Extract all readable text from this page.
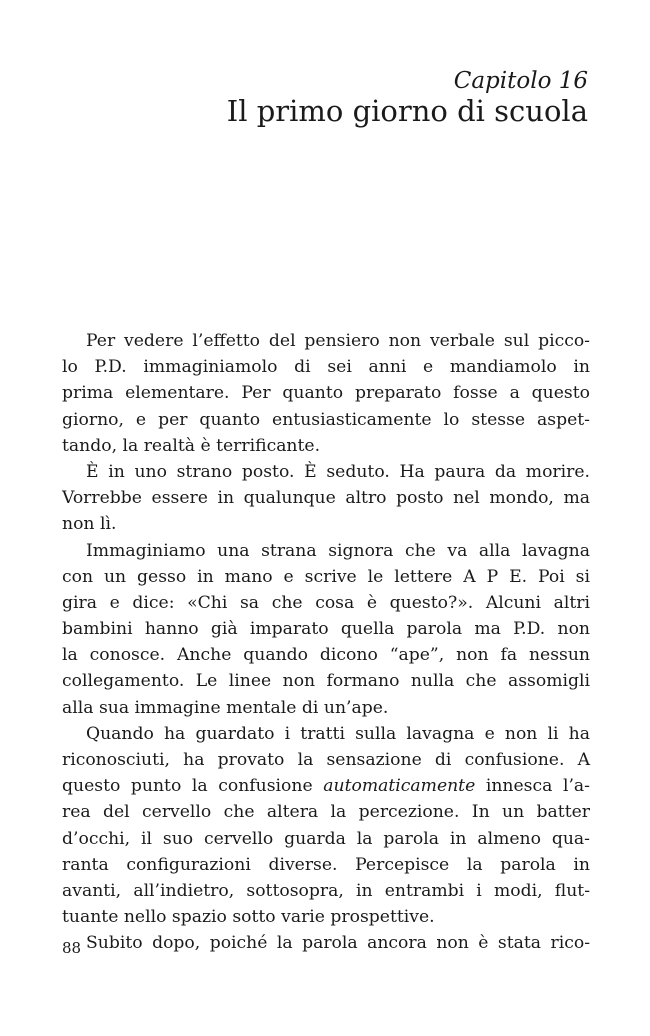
Capitolo 16
Il primo giorno di scuola
Per vedere l’effetto del pensiero non verbale sul picco-
lo P.D. immaginiamolo di sei anni e mandiamolo in
prima elementare. Per quanto preparato fosse a questo
giorno, e per quanto entusiasticamente lo stesse aspet-
tando, la realtà è terrificante.
È in uno strano posto. È seduto. Ha paura da morire.
Vorrebbe essere in qualunque altro posto nel mondo, ma
non lì.
Immaginiamo una strana signora che va alla lavagna
con un gesso in mano e scrive le lettere A P E. Poi si
gira e dice: «Chi sa che cosa è questo?». Alcuni altri
bambini hanno già imparato quella parola ma P.D. non
la conosce. Anche quando dicono “ape”, non fa nessun
collegamento. Le linee non formano nulla che assomigli
alla sua immagine mentale di un’ape.
Quando ha guardato i tratti sulla lavagna e non li ha
riconosciuti, ha provato la sensazione di confusione. A
questo punto la confusione automaticamente innesca l’a-
rea del cervello che altera la percezione. In un batter
d’occhi, il suo cervello guarda la parola in almeno qua-
ranta configurazioni diverse. Percepisce la parola in
avanti, all’indietro, sottosopra, in entrambi i modi, flut-
tuante nello spazio sotto varie prospettive.
Subito dopo, poiché la parola ancora non è stata rico-
88
